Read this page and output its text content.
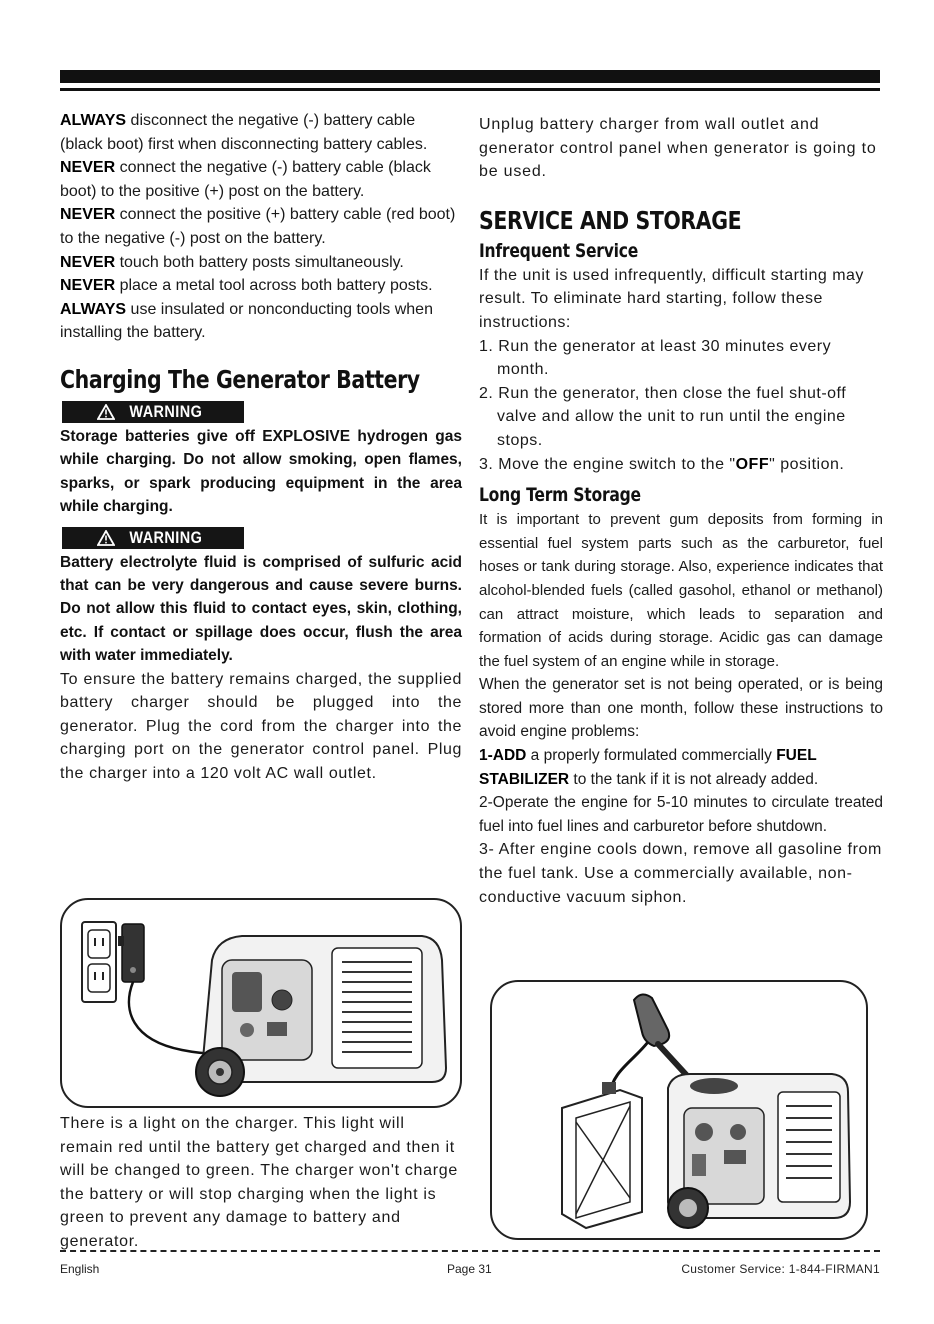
ALWAYS disconnect the negative (-) battery cable (black boot) first when disconnecting battery cables.

NEVER connect the negative (-) battery cable (black boot) to the positive (+) post on the battery.

NEVER connect the positive (+) battery cable (red boot) to the negative (-) post on the battery.

NEVER touch both battery posts simultaneously.

NEVER place a metal tool across both battery posts.

ALWAYS use insulated or nonconducting tools when installing the battery.

Charging The Generator Battery
WARNING

Storage batteries give off EXPLOSIVE hydrogen gas while charging. Do not allow smoking, open flames, sparks, or spark producing equipment in the area while charging.

WARNING

Battery electrolyte fluid is comprised of sulfuric acid that can be very dangerous and cause severe burns. Do not allow this fluid to contact eyes, skin, clothing, etc. If contact or spillage does occur, flush the area with water immediately.

To ensure the battery remains charged, the supplied battery charger should be plugged into the generator. Plug the cord from the charger into the charging port on the generator control panel. Plug the charger into a 120 volt AC wall outlet.

There is a light on the charger. This light will remain red until the battery get charged and then it will be changed to green. The charger won't charge the battery or will stop charging when the light is green to prevent any damage to battery and generator.

Unplug battery charger from wall outlet and generator control panel when generator is going to be used.

SERVICE AND STORAGE
Infrequent Service

If the unit is used infrequently, difficult starting may result. To eliminate hard starting, follow these instructions:

1. Run the generator at least 30 minutes every month.

2. Run the generator, then close the fuel shut-off valve and allow the unit to run until the engine stops.

3. Move the engine switch to the "OFF" position.

Long Term Storage

It is important to prevent gum deposits from forming in essential fuel system parts such as the carburetor, fuel hoses or tank during storage. Also, experience indicates that alcohol-blended fuels (called gasohol, ethanol or methanol) can attract moisture, which leads to separation and formation of acids during storage. Acidic gas can damage the fuel system of an engine while in storage.

When the generator set is not being operated, or is being stored more than one month, follow these instructions to avoid engine problems:

1-ADD a properly formulated commercially FUEL STABILIZER to the tank if it is not already added.

2-Operate the engine for 5-10 minutes to circulate treated fuel into fuel lines and carburetor before shutdown.

3- After engine cools down, remove all gasoline from the fuel tank. Use a commercially available, non-conductive vacuum siphon.

English	Page 31	Customer Service: 1-844-FIRMAN1
